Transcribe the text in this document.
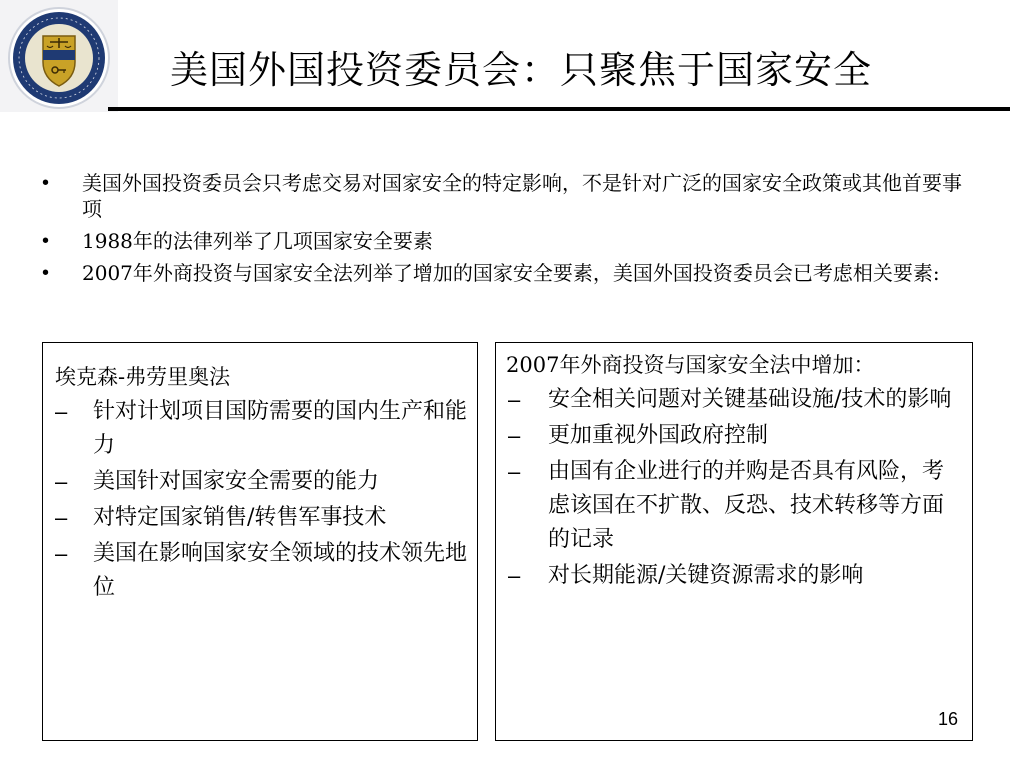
美国外国投资委员会：只聚焦于国家安全
•	美国外国投资委员会只考虑交易对国家安全的特定影响，不是针对广泛的国家安全政策或其他首要事项
•	1988年的法律列举了几项国家安全要素
•	2007年外商投资与国家安全法列举了增加的国家安全要素，美国外国投资委员会已考虑相关要素:
埃克森-弗劳里奥法
– 针对计划项目国防需要的国内生产和能力
– 美国针对国家安全需要的能力
– 对特定国家销售/转售军事技术
– 美国在影响国家安全领域的技术领先地位
2007年外商投资与国家安全法中增加：
– 安全相关问题对关键基础设施/技术的影响
– 更加重视外国政府控制
– 由国有企业进行的并购是否具有风险，考虑该国在不扩散、反恐、技术转移等方面的记录
– 对长期能源/关键资源需求的影响
16
